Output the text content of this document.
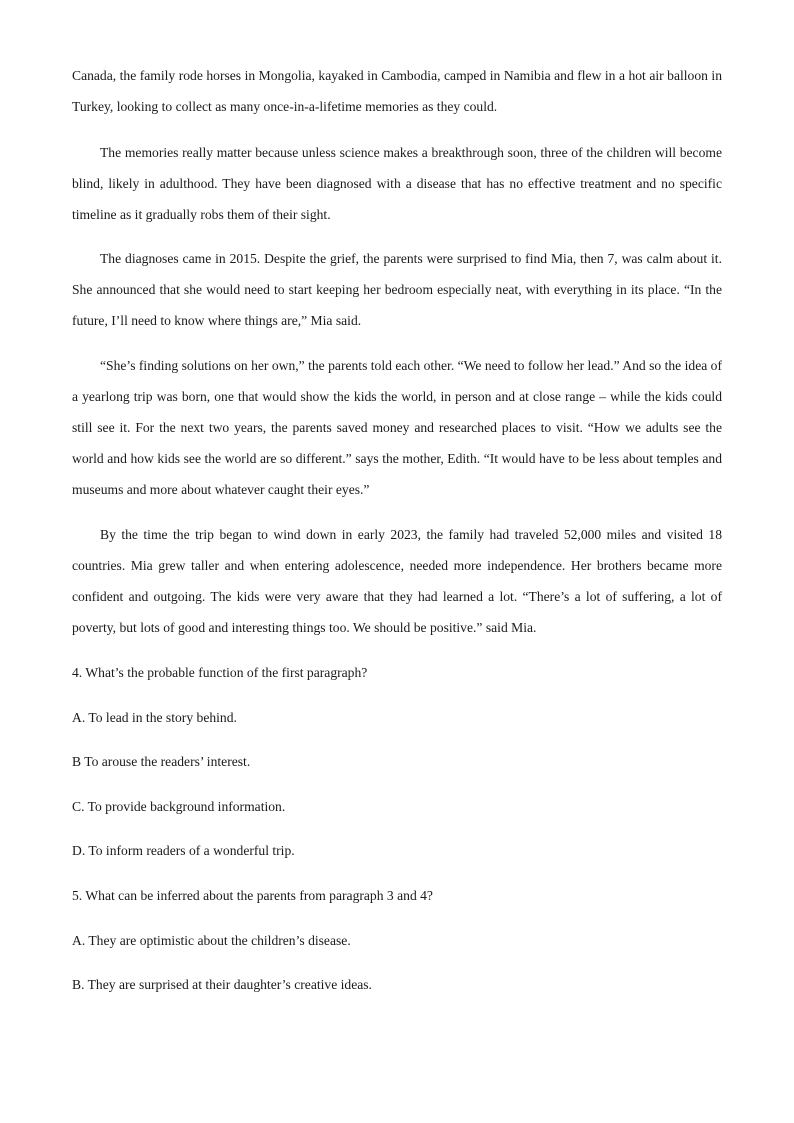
Canada, the family rode horses in Mongolia, kayaked in Cambodia, camped in Namibia and flew in a hot air balloon in Turkey, looking to collect as many once-in-a-lifetime memories as they could.

The memories really matter because unless science makes a breakthrough soon, three of the children will become blind, likely in adulthood. They have been diagnosed with a disease that has no effective treatment and no specific timeline as it gradually robs them of their sight.

The diagnoses came in 2015. Despite the grief, the parents were surprised to find Mia, then 7, was calm about it. She announced that she would need to start keeping her bedroom especially neat, with everything in its place. “In the future, I’ll need to know where things are,” Mia said.

“She’s finding solutions on her own,” the parents told each other. “We need to follow her lead.” And so the idea of a yearlong trip was born, one that would show the kids the world, in person and at close range – while the kids could still see it. For the next two years, the parents saved money and researched places to visit. “How we adults see the world and how kids see the world are so different.” says the mother, Edith. “It would have to be less about temples and museums and more about whatever caught their eyes.”

By the time the trip began to wind down in early 2023, the family had traveled 52,000 miles and visited 18 countries. Mia grew taller and when entering adolescence, needed more independence. Her brothers became more confident and outgoing. The kids were very aware that they had learned a lot. “There’s a lot of suffering, a lot of poverty, but lots of good and interesting things too. We should be positive.” said Mia.

4. What’s the probable function of the first paragraph?
A. To lead in the story behind.
B To arouse the readers’ interest.
C. To provide background information.
D. To inform readers of a wonderful trip.
5. What can be inferred about the parents from paragraph 3 and 4?
A. They are optimistic about the children’s disease.
B. They are surprised at their daughter’s creative ideas.
